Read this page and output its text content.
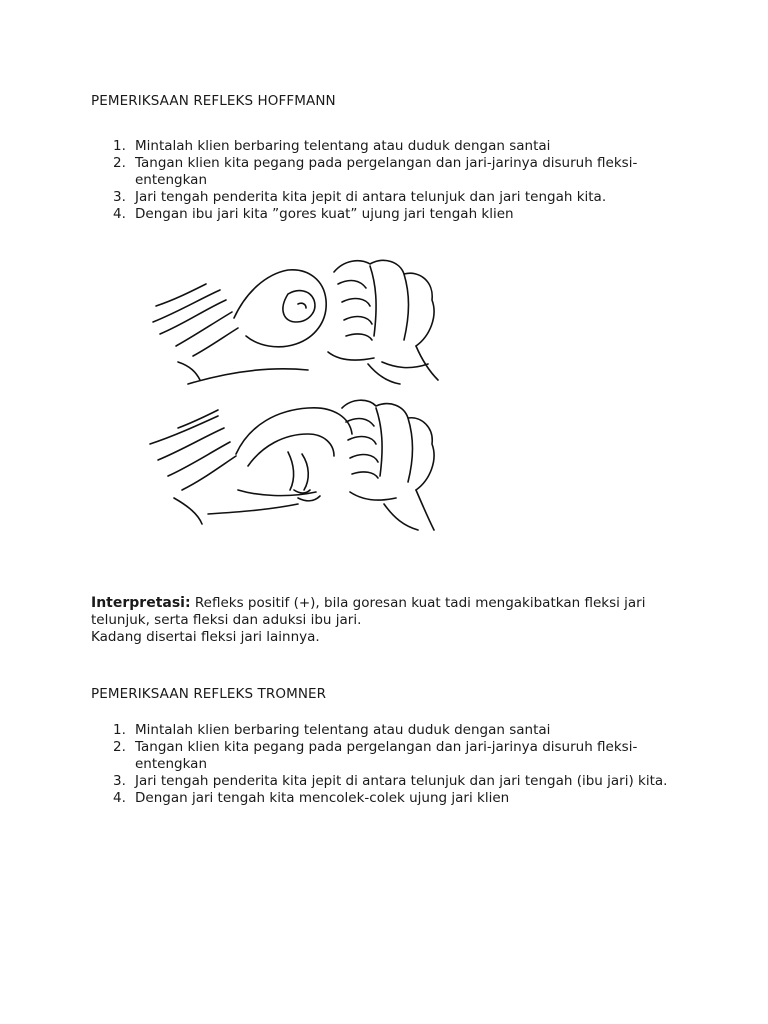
PEMERIKSAAN REFLEKS HOFFMANN
1. Mintalah klien berbaring telentang atau duduk dengan santai
2. Tangan klien kita pegang pada pergelangan dan jari-jarinya disuruh fleksi-entengkan
3. Jari tengah penderita kita jepit di antara telunjuk dan jari tengah kita.
4. Dengan ibu jari kita ”gores kuat” ujung jari tengah klien
Interpretasi: Refleks positif (+), bila goresan kuat tadi mengakibatkan fleksi jari telunjuk, serta fleksi dan aduksi ibu jari.
Kadang disertai fleksi jari lainnya.
PEMERIKSAAN REFLEKS TROMNER
1. Mintalah klien berbaring telentang atau duduk dengan santai
2. Tangan klien kita pegang pada pergelangan dan jari-jarinya disuruh fleksi-entengkan
3. Jari tengah penderita kita jepit di antara telunjuk dan jari tengah (ibu jari) kita.
4. Dengan jari tengah kita mencolek-colek ujung jari klien
